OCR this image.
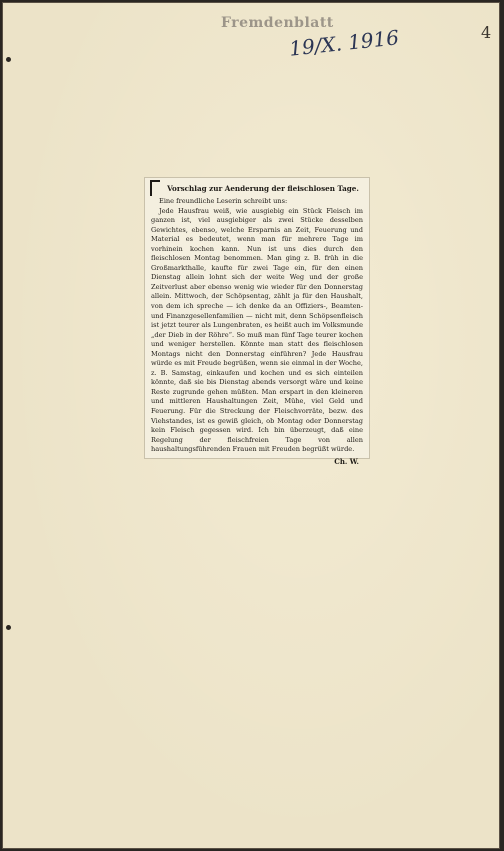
Fremdenblatt
19/X. 1916	4
Vorschlag zur Aenderung der fleischlosen Tage.

Eine freundliche Leserin schreibt uns:

Jede Hausfrau weiß, wie ausgiebig ein Stück Fleisch im ganzen ist, viel ausgiebiger als zwei Stücke desselben Gewichtes, ebenso, welche Ersparnis an Zeit, Feuerung und Material es bedeutet, wenn man für mehrere Tage im vorhinein kochen kann. Nun ist uns dies durch den fleischlosen Montag benommen. Man ging z. B. früh in die Großmarkthalle, kaufte für zwei Tage ein, für den einen Dienstag allein lohnt sich der weite Weg und der große Zeitverlust aber ebenso wenig wie wieder für den Donnerstag allein. Mittwoch, der Schöpsentag, zählt ja für den Haushalt, von dem ich spreche — ich denke da an Offiziers-, Beamten- und Finanzgesellenfamilien — nicht mit, denn Schöpsenfleisch ist jetzt teurer als Lungenbraten, es heißt auch im Volksmunde „der Dieb in der Röhre“. So muß man fünf Tage teurer kochen und weniger herstellen. Könnte man statt des fleischlosen Montags nicht den Donnerstag einführen? Jede Hausfrau würde es mit Freude begrüßen, wenn sie einmal in der Woche, z. B. Samstag, einkaufen und kochen und es sich einteilen könnte, daß sie bis Dienstag abends versorgt wäre und keine Reste zugrunde gehen müßten. Man erspart in den kleineren und mittleren Haushaltungen Zeit, Mühe, viel Geld und Feuerung. Für die Streckung der Fleischvorräte, bezw. des Viehstandes, ist es gewiß gleich, ob Montag oder Donnerstag kein Fleisch gegessen wird. Ich bin überzeugt, daß eine Regelung der fleischfreien Tage von allen haushaltungsführenden Frauen mit Freuden begrüßt würde.

Ch. W.
